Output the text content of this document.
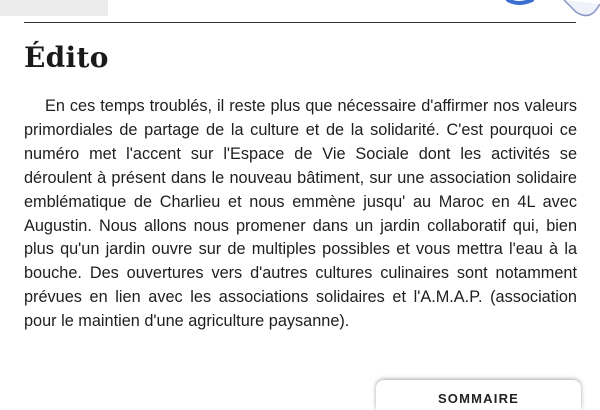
Édito

En ces temps troublés, il reste plus que nécessaire d'affirmer nos valeurs primordiales de partage de la culture et de la solidarité. C'est pourquoi ce numéro met l'accent sur l'Espace de Vie Sociale dont les activités se déroulent à présent dans le nouveau bâtiment, sur une association solidaire emblématique de Charlieu et nous emmène jusqu' au Maroc en 4L avec Augustin. Nous allons nous promener dans un jardin collaboratif qui, bien plus qu'un jardin ouvre sur de multiples possibles et vous mettra l'eau à la bouche. Des ouvertures vers d'autres cultures culinaires sont notamment prévues en lien avec les associations solidaires et l'A.M.A.P. (association pour le maintien d'une agriculture paysanne).

SOMMAIRE
